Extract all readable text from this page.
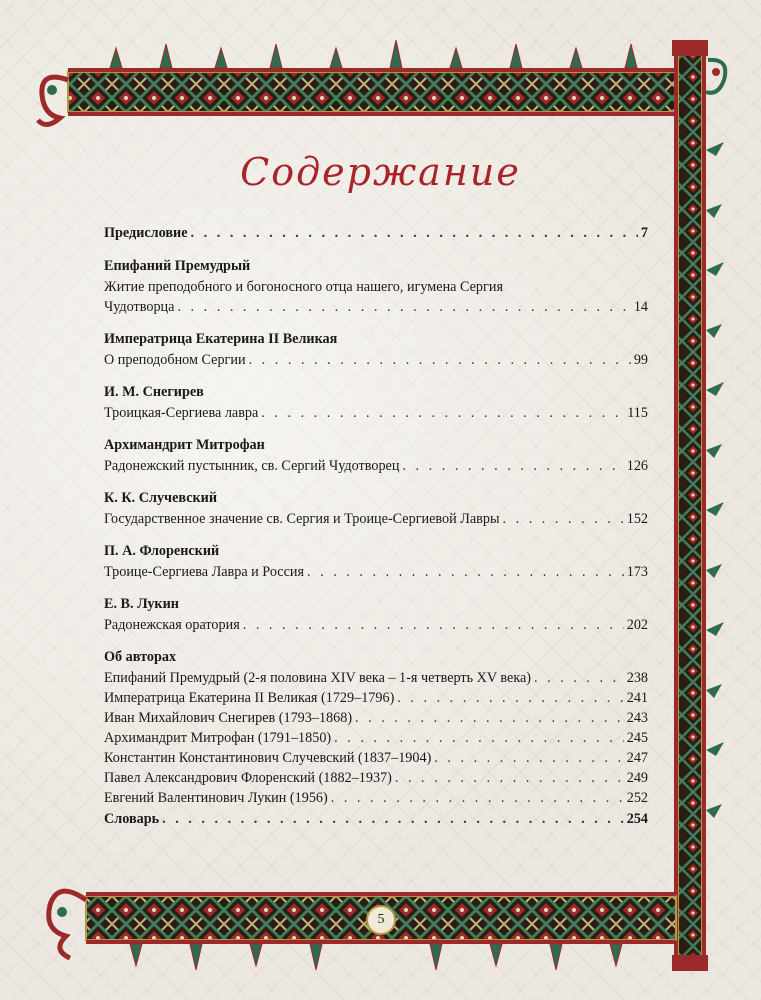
Содержание
Предисловие . . .	7
Епифаний Премудрый
Житие преподобного и богоносного отца нашего, игумена Сергия
Чудотворца . . .	14
Императрица Екатерина II Великая
О преподобном Сергии . . .	99
И. М. Снегирев
Троицкая-Сергиева лавра . . .	115
Архимандрит Митрофан
Радонежский пустынник, св. Сергий Чудотворец . . .	126
К. К. Случевский
Государственное значение св. Сергия и Троице-Сергиевой Лавры . . .	152
П. А. Флоренский
Троице-Сергиева Лавра и Россия . . .	173
Е. В. Лукин
Радонежская оратория . . .	202
Об авторах
Епифаний Премудрый (2-я половина XIV века – 1-я четверть XV века) . . .	238
Императрица Екатерина II Великая (1729–1796) . . .	241
Иван Михайлович Снегирев (1793–1868) . . .	243
Архимандрит Митрофан (1791–1850) . . .	245
Константин Константинович Случевский (1837–1904) . . .	247
Павел Александрович Флоренский (1882–1937) . . .	249
Евгений Валентинович Лукин (1956) . . .	252
Словарь . . .	254
5
